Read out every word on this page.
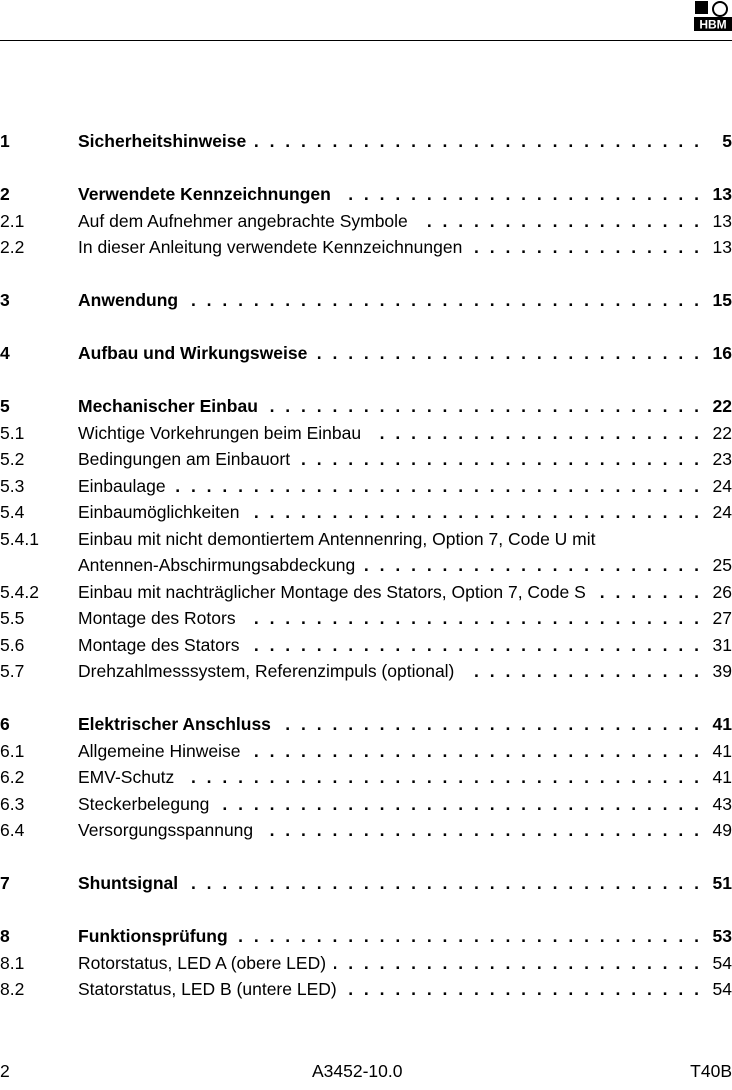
HBM
1	Sicherheitshinweise . . .	5
2	Verwendete Kennzeichnungen . . .	13
2.1	Auf dem Aufnehmer angebrachte Symbole . . .	13
2.2	In dieser Anleitung verwendete Kennzeichnungen . . .	13
3	Anwendung . . .	15
4	Aufbau und Wirkungsweise . . .	16
5	Mechanischer Einbau . . .	22
5.1	Wichtige Vorkehrungen beim Einbau . . .	22
5.2	Bedingungen am Einbauort . . .	23
5.3	Einbaulage . . .	24
5.4	Einbaumöglichkeiten . . .	24
5.4.1	Einbau mit nicht demontiertem Antennenring, Option 7, Code U mit
Antennen-Abschirmungsabdeckung . . .	25
5.4.2	Einbau mit nachträglicher Montage des Stators, Option 7, Code S . . .	26
5.5	Montage des Rotors . . .	27
5.6	Montage des Stators . . .	31
5.7	Drehzahlmesssystem, Referenzimpuls (optional) . . .	39
6	Elektrischer Anschluss . . .	41
6.1	Allgemeine Hinweise . . .	41
6.2	EMV-Schutz . . .	41
6.3	Steckerbelegung . . .	43
6.4	Versorgungsspannung . . .	49
7	Shuntsignal . . .	51
8	Funktionsprüfung . . .	53
8.1	Rotorstatus, LED A (obere LED) . . .	54
8.2	Statorstatus, LED B (untere LED) . . .	54
2	A3452-10.0	T40B
